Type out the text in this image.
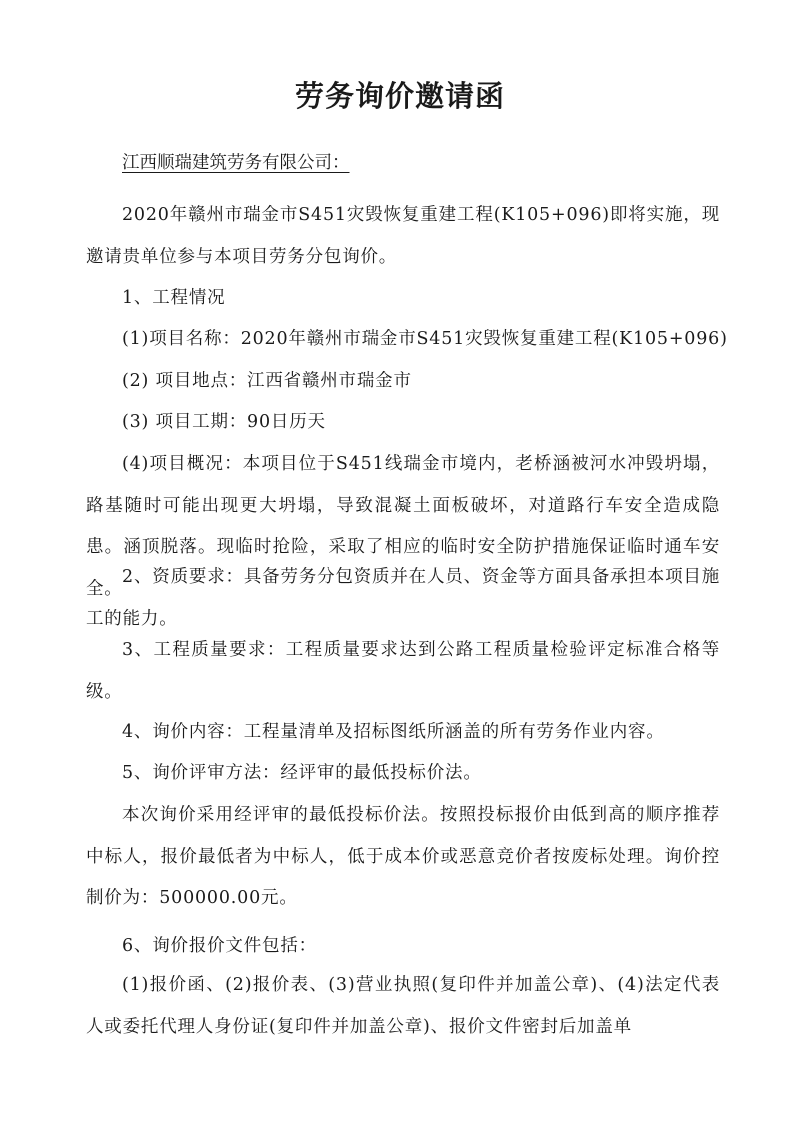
劳务询价邀请函
江西顺瑞建筑劳务有限公司：
2020年赣州市瑞金市S451灾毁恢复重建工程(K105+096)即将实施，现邀请贵单位参与本项目劳务分包询价。
1、工程情况
(1)项目名称：2020年赣州市瑞金市S451灾毁恢复重建工程(K105+096)
(2) 项目地点：江西省赣州市瑞金市
(3) 项目工期：90日历天
(4)项目概况：本项目位于S451线瑞金市境内，老桥涵被河水冲毁坍塌，路基随时可能出现更大坍塌，导致混凝土面板破坏，对道路行车安全造成隐患。涵顶脱落。现临时抢险，采取了相应的临时安全防护措施保证临时通车安全。
2、资质要求：具备劳务分包资质并在人员、资金等方面具备承担本项目施工的能力。
3、工程质量要求：工程质量要求达到公路工程质量检验评定标准合格等级。
4、询价内容：工程量清单及招标图纸所涵盖的所有劳务作业内容。
5、询价评审方法：经评审的最低投标价法。
本次询价采用经评审的最低投标价法。按照投标报价由低到高的顺序推荐中标人，报价最低者为中标人，低于成本价或恶意竞价者按废标处理。询价控制价为：500000.00元。
6、询价报价文件包括：
(1)报价函、(2)报价表、(3)营业执照(复印件并加盖公章)、(4)法定代表人或委托代理人身份证(复印件并加盖公章)、报价文件密封后加盖单
